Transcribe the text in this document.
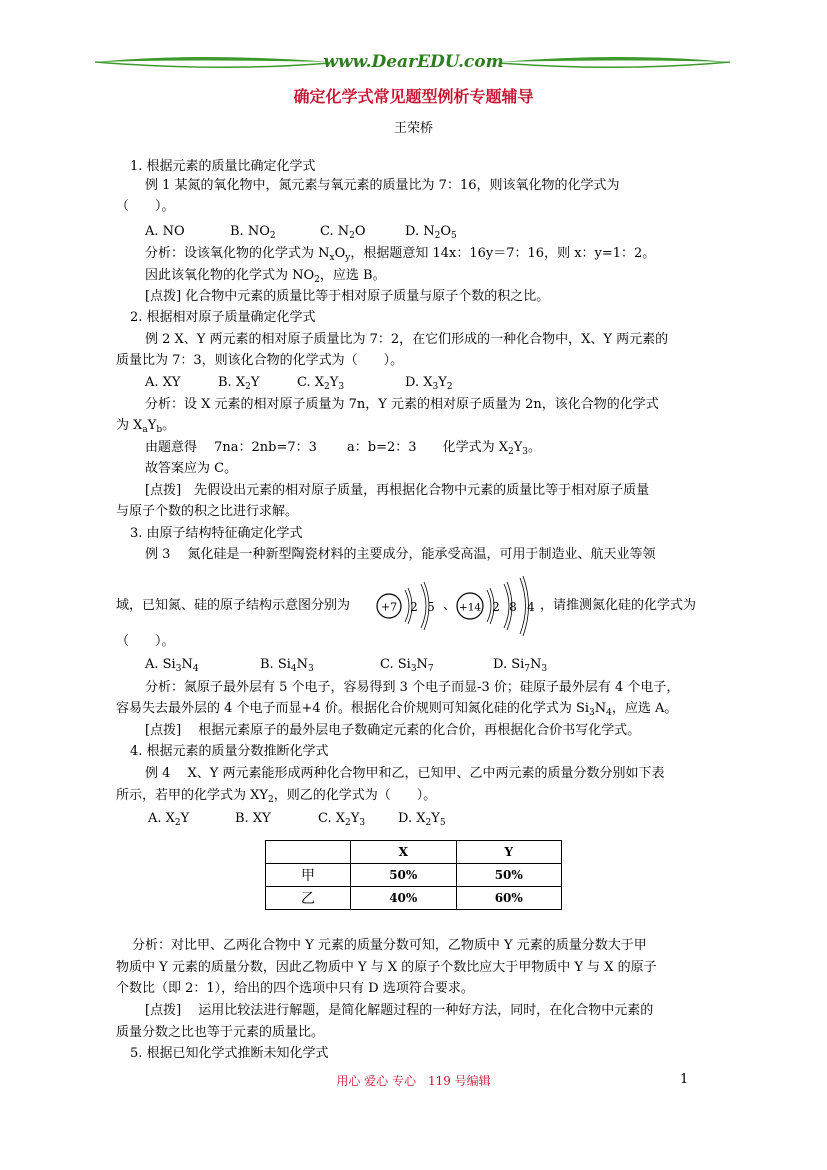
www.DearEDU.com
确定化学式常见题型例析专题辅导
王荣桥
1. 根据元素的质量比确定化学式
例 1 某氮的氧化物中，氮元素与氧元素的质量比为 7：16，则该氧化物的化学式为
（　　）。
A. NO	B. $NO_2$	C. $N_2O$	D. $N_2O_5$
分析：设该氧化物的化学式为 $N_xO_y$，根据题意知 14x：16y＝7：16，则 x：y=1：2。
因此该氧化物的化学式为 $NO_2$，应选 B。
[点拨] 化合物中元素的质量比等于相对原子质量与原子个数的积之比。
2. 根据相对原子质量确定化学式
例 2 X、Y 两元素的相对原子质量比为 7：2，在它们形成的一种化合物中，X、Y 两元素的
质量比为 7：3，则该化合物的化学式为（　　）。
A. XY	B. $X_2Y$	C. $X_2Y_3$	D. $X_3Y_2$
分析：设 X 元素的相对原子质量为 7n，Y 元素的相对原子质量为 2n，该化合物的化学式
为 $X_aY_b$。
由题意得　 7na：2nb=7：3　　 a：b=2：3　　化学式为 $X_2Y_3$。
故答案应为 C。
[点拨]　先假设出元素的相对原子质量，再根据化合物中元素的质量比等于相对原子质量
与原子个数的积之比进行求解。
3. 由原子结构特征确定化学式
例 3　 氮化硅是一种新型陶瓷材料的主要成分，能承受高温，可用于制造业、航天业等领
域，已知氮、硅的原子结构示意图分别为	+7 2 5 、 +14 2 8 4 ，请推测氮化硅的化学式为
（　　）。
A. $Si_3N_4$	B. $Si_4N_3$	C. $Si_3N_7$	D. $Si_7N_3$
分析：氮原子最外层有 5 个电子，容易得到 3 个电子而显-3 价；硅原子最外层有 4 个电子，
容易失去最外层的 4 个电子而显+4 价。根据化合价规则可知氮化硅的化学式为 $Si_3N_4$，应选 A。
[点拨]　 根据元素原子的最外层电子数确定元素的化合价，再根据化合价书写化学式。
4. 根据元素的质量分数推断化学式
例 4　 X、Y 两元素能形成两种化合物甲和乙，已知甲、乙中两元素的质量分数分别如下表
所示，若甲的化学式为 $XY_2$，则乙的化学式为（　　）。
A. $X_2Y$	B. XY	C. $X_2Y_3$	D. $X_2Y_5$
	X	Y
甲	50%	50%
乙	40%	60%
分析：对比甲、乙两化合物中 Y 元素的质量分数可知，乙物质中 Y 元素的质量分数大于甲
物质中 Y 元素的质量分数，因此乙物质中 Y 与 X 的原子个数比应大于甲物质中 Y 与 X 的原子
个数比（即 2：1），给出的四个选项中只有 D 选项符合要求。
[点拨]　 运用比较法进行解题，是简化解题过程的一种好方法，同时，在化合物中元素的
质量分数之比也等于元素的质量比。
5. 根据已知化学式推断未知化学式
用心 爱心 专心　119 号编辑	1
